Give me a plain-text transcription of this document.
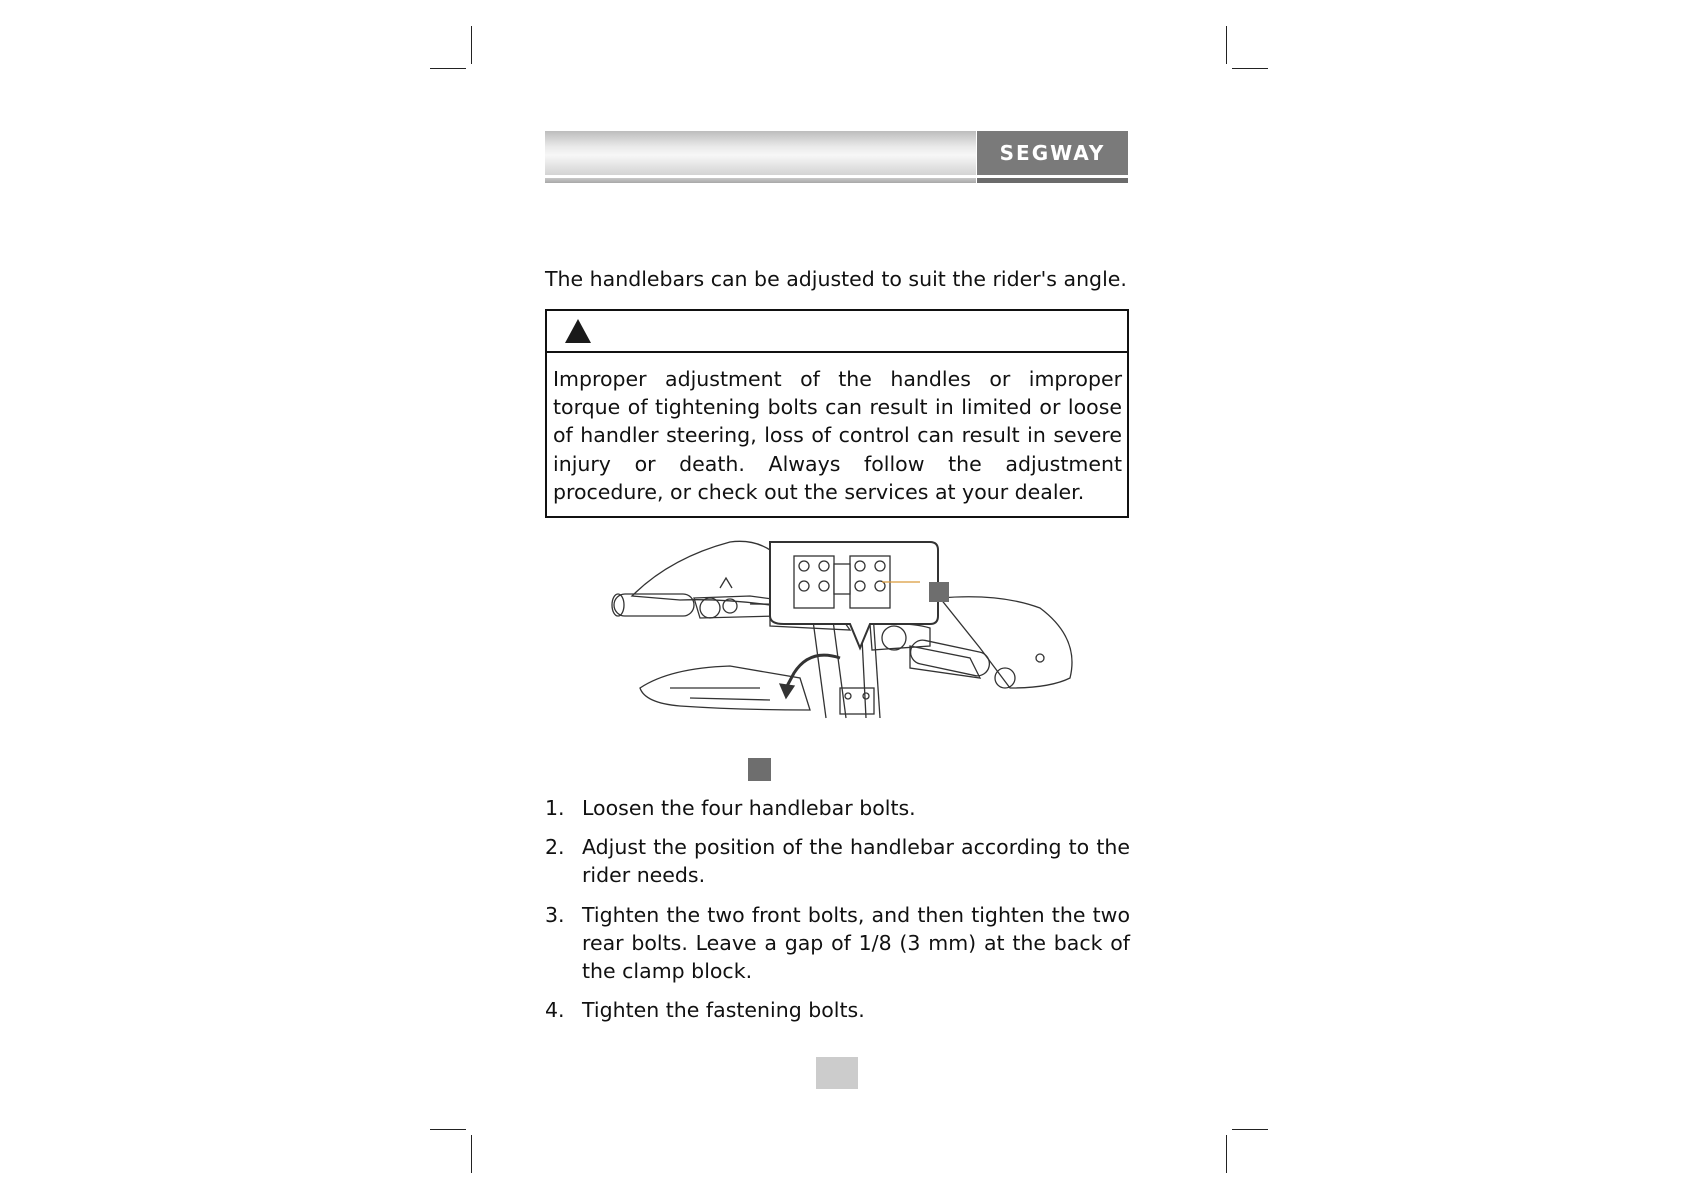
SEGWAY
The handlebars can be adjusted to suit the rider's angle.
Improper adjustment of the handles or improper torque of tightening bolts can result in limited or loose of handler steering, loss of control can result in severe injury or death. Always follow the adjustment procedure, or check out the services at your dealer.
1. Loosen the four handlebar bolts.
2. Adjust the position of the handlebar according to the rider needs.
3. Tighten the two front bolts, and then tighten the two rear bolts. Leave a gap of 1/8 (3 mm) at the back of the clamp block.
4. Tighten the fastening bolts.
